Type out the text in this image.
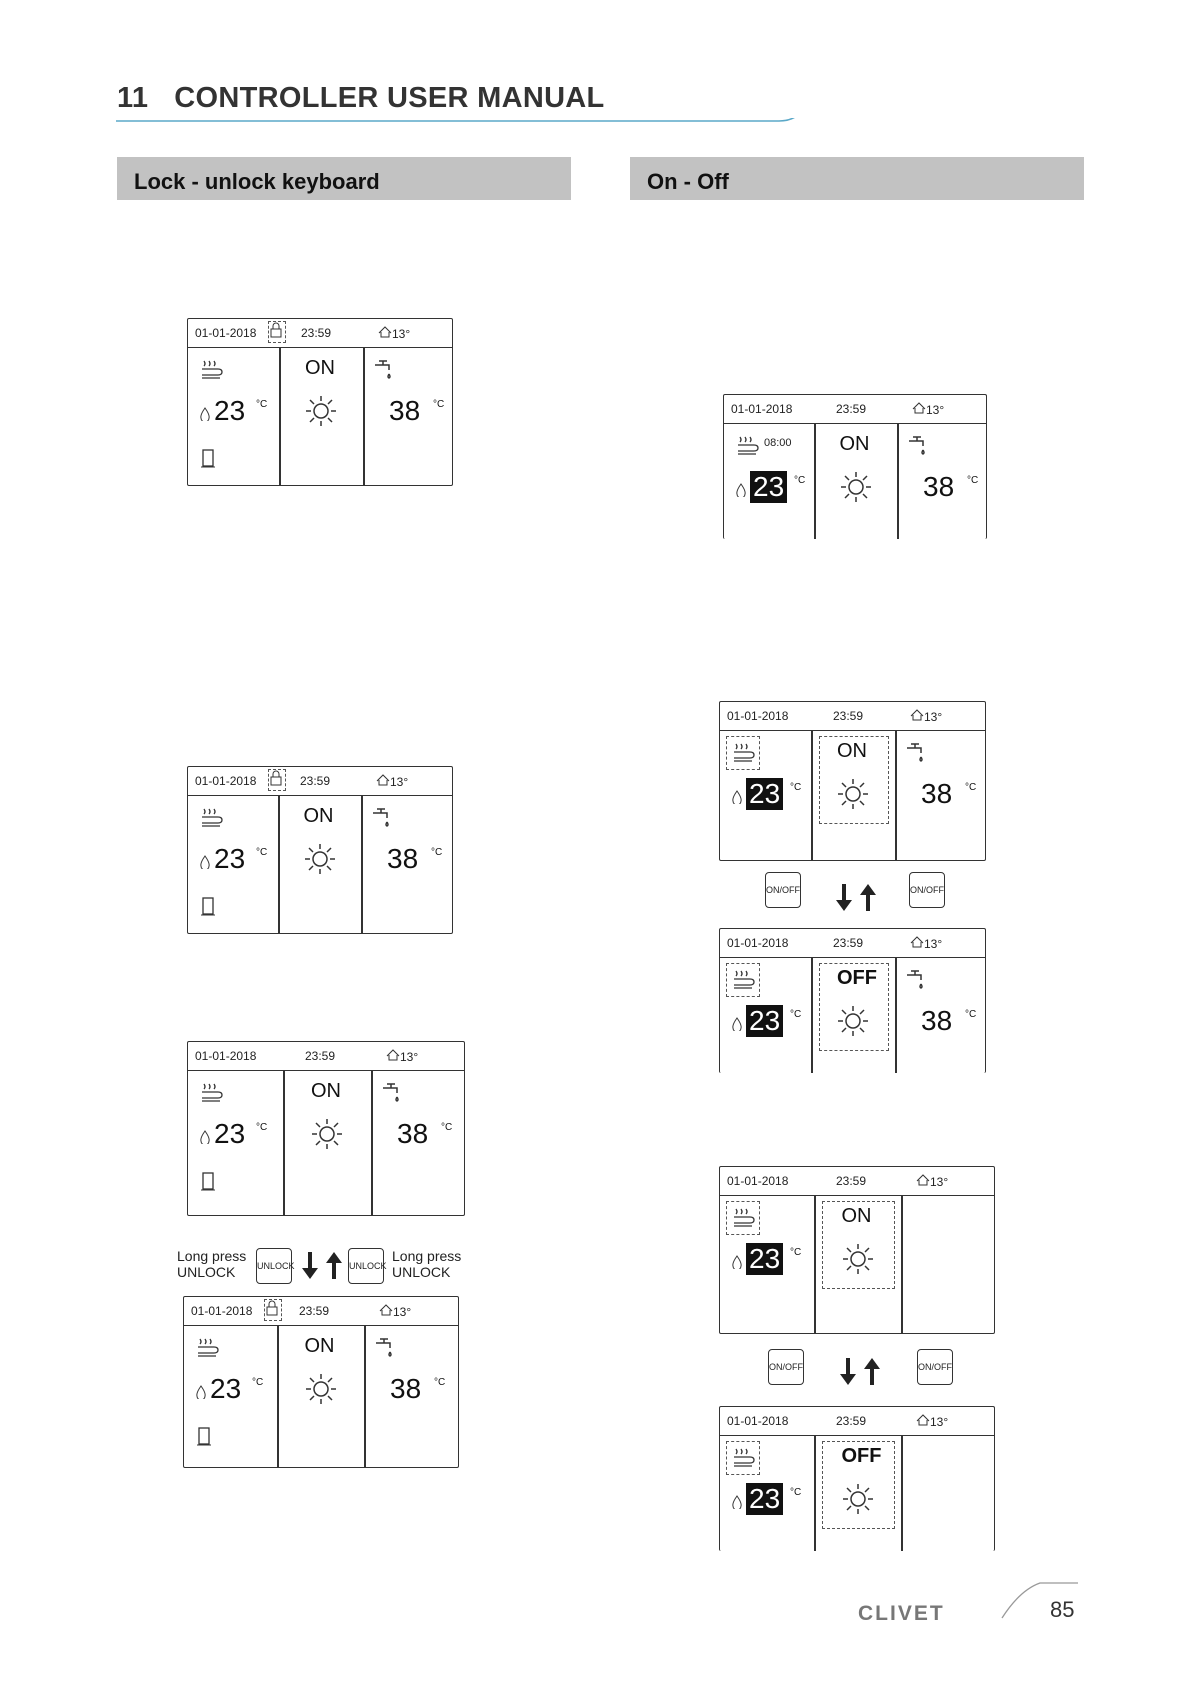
11 CONTROLLER USER MANUAL
Lock - unlock keyboard	On - Off
01-01-2018	23:59	13°
23 °C
ON
38 °C
01-01-2018	23:59	13°
23 °C
ON
38 °C
01-01-2018	23:59	13°
23 °C
ON
38 °C
01-01-2018	23:59	13°
23 °C
ON
38 °C
01-01-2018	23:59	13°
08:00
23 °C
ON
38 °C
01-01-2018	23:59	13°
23 °C
ON
38 °C
01-01-2018	23:59	13°
23 °C
OFF
38 °C
01-01-2018	23:59	13°
23 °C
ON
01-01-2018	23:59	13°
23 °C
OFF
Long press
UNLOCK
Long press
UNLOCK
UNLOCK	UNLOCK
ON/OFF	ON/OFF
ON/OFF	ON/OFF
CLIVET	85
